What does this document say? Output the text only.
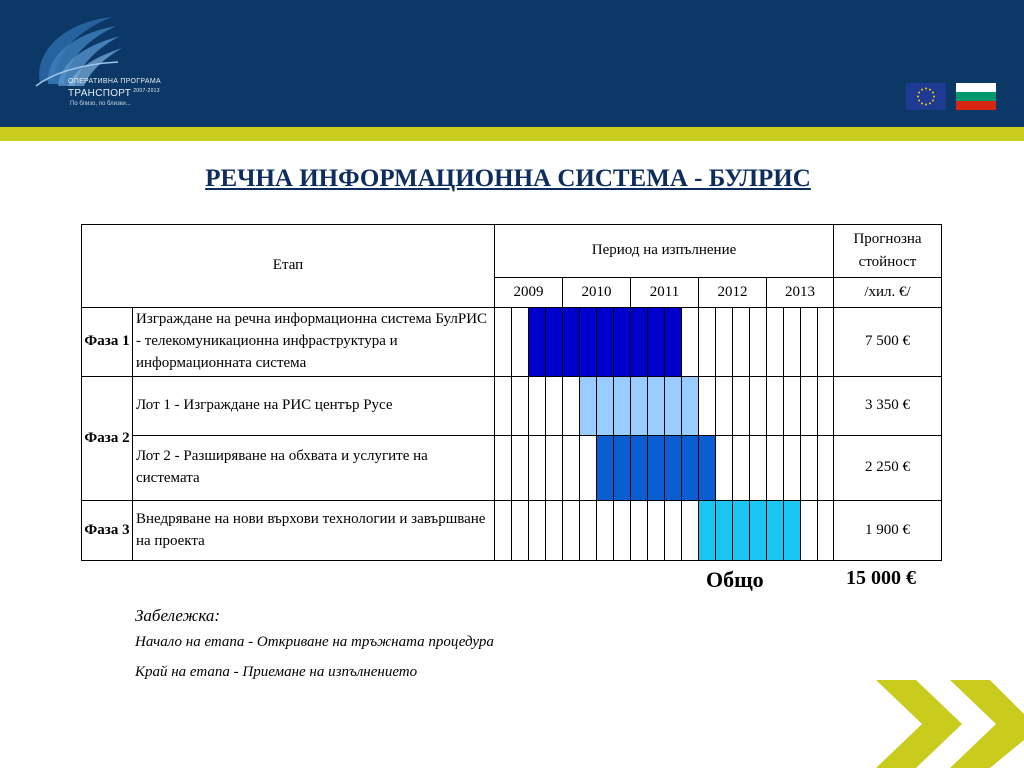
ОПЕРАТИВНА ПРОГРАМА
ТРАНСПОРТ $^{2007-2013}$
По близо, по близки...
РЕЧНА ИНФОРМАЦИОННА СИСТЕМА - БУЛРИС
Етап		Период на изпълнение																				Прогнозна
стойност

		2009				2010				2011				2012				2013				/хил. €/
Фаза 1	Изграждане на речна информационна система БулРИС - телекомуникационна инфраструктура и информационната система																					7 500 €
Фаза 2	Лот 1 - Изграждане на РИС център Русе																					3 350 €
	Лот 2 - Разширяване на обхвата и услугите на системата																					2 250 €
Фаза 3	Внедряване на нови върхови технологии и завършване на проекта																					1 900 €
Общо	15 000 €
Забележка:
Начало на етапа - Откриване на тръжната процедура
Край на етапа - Приемане на изпълнението
